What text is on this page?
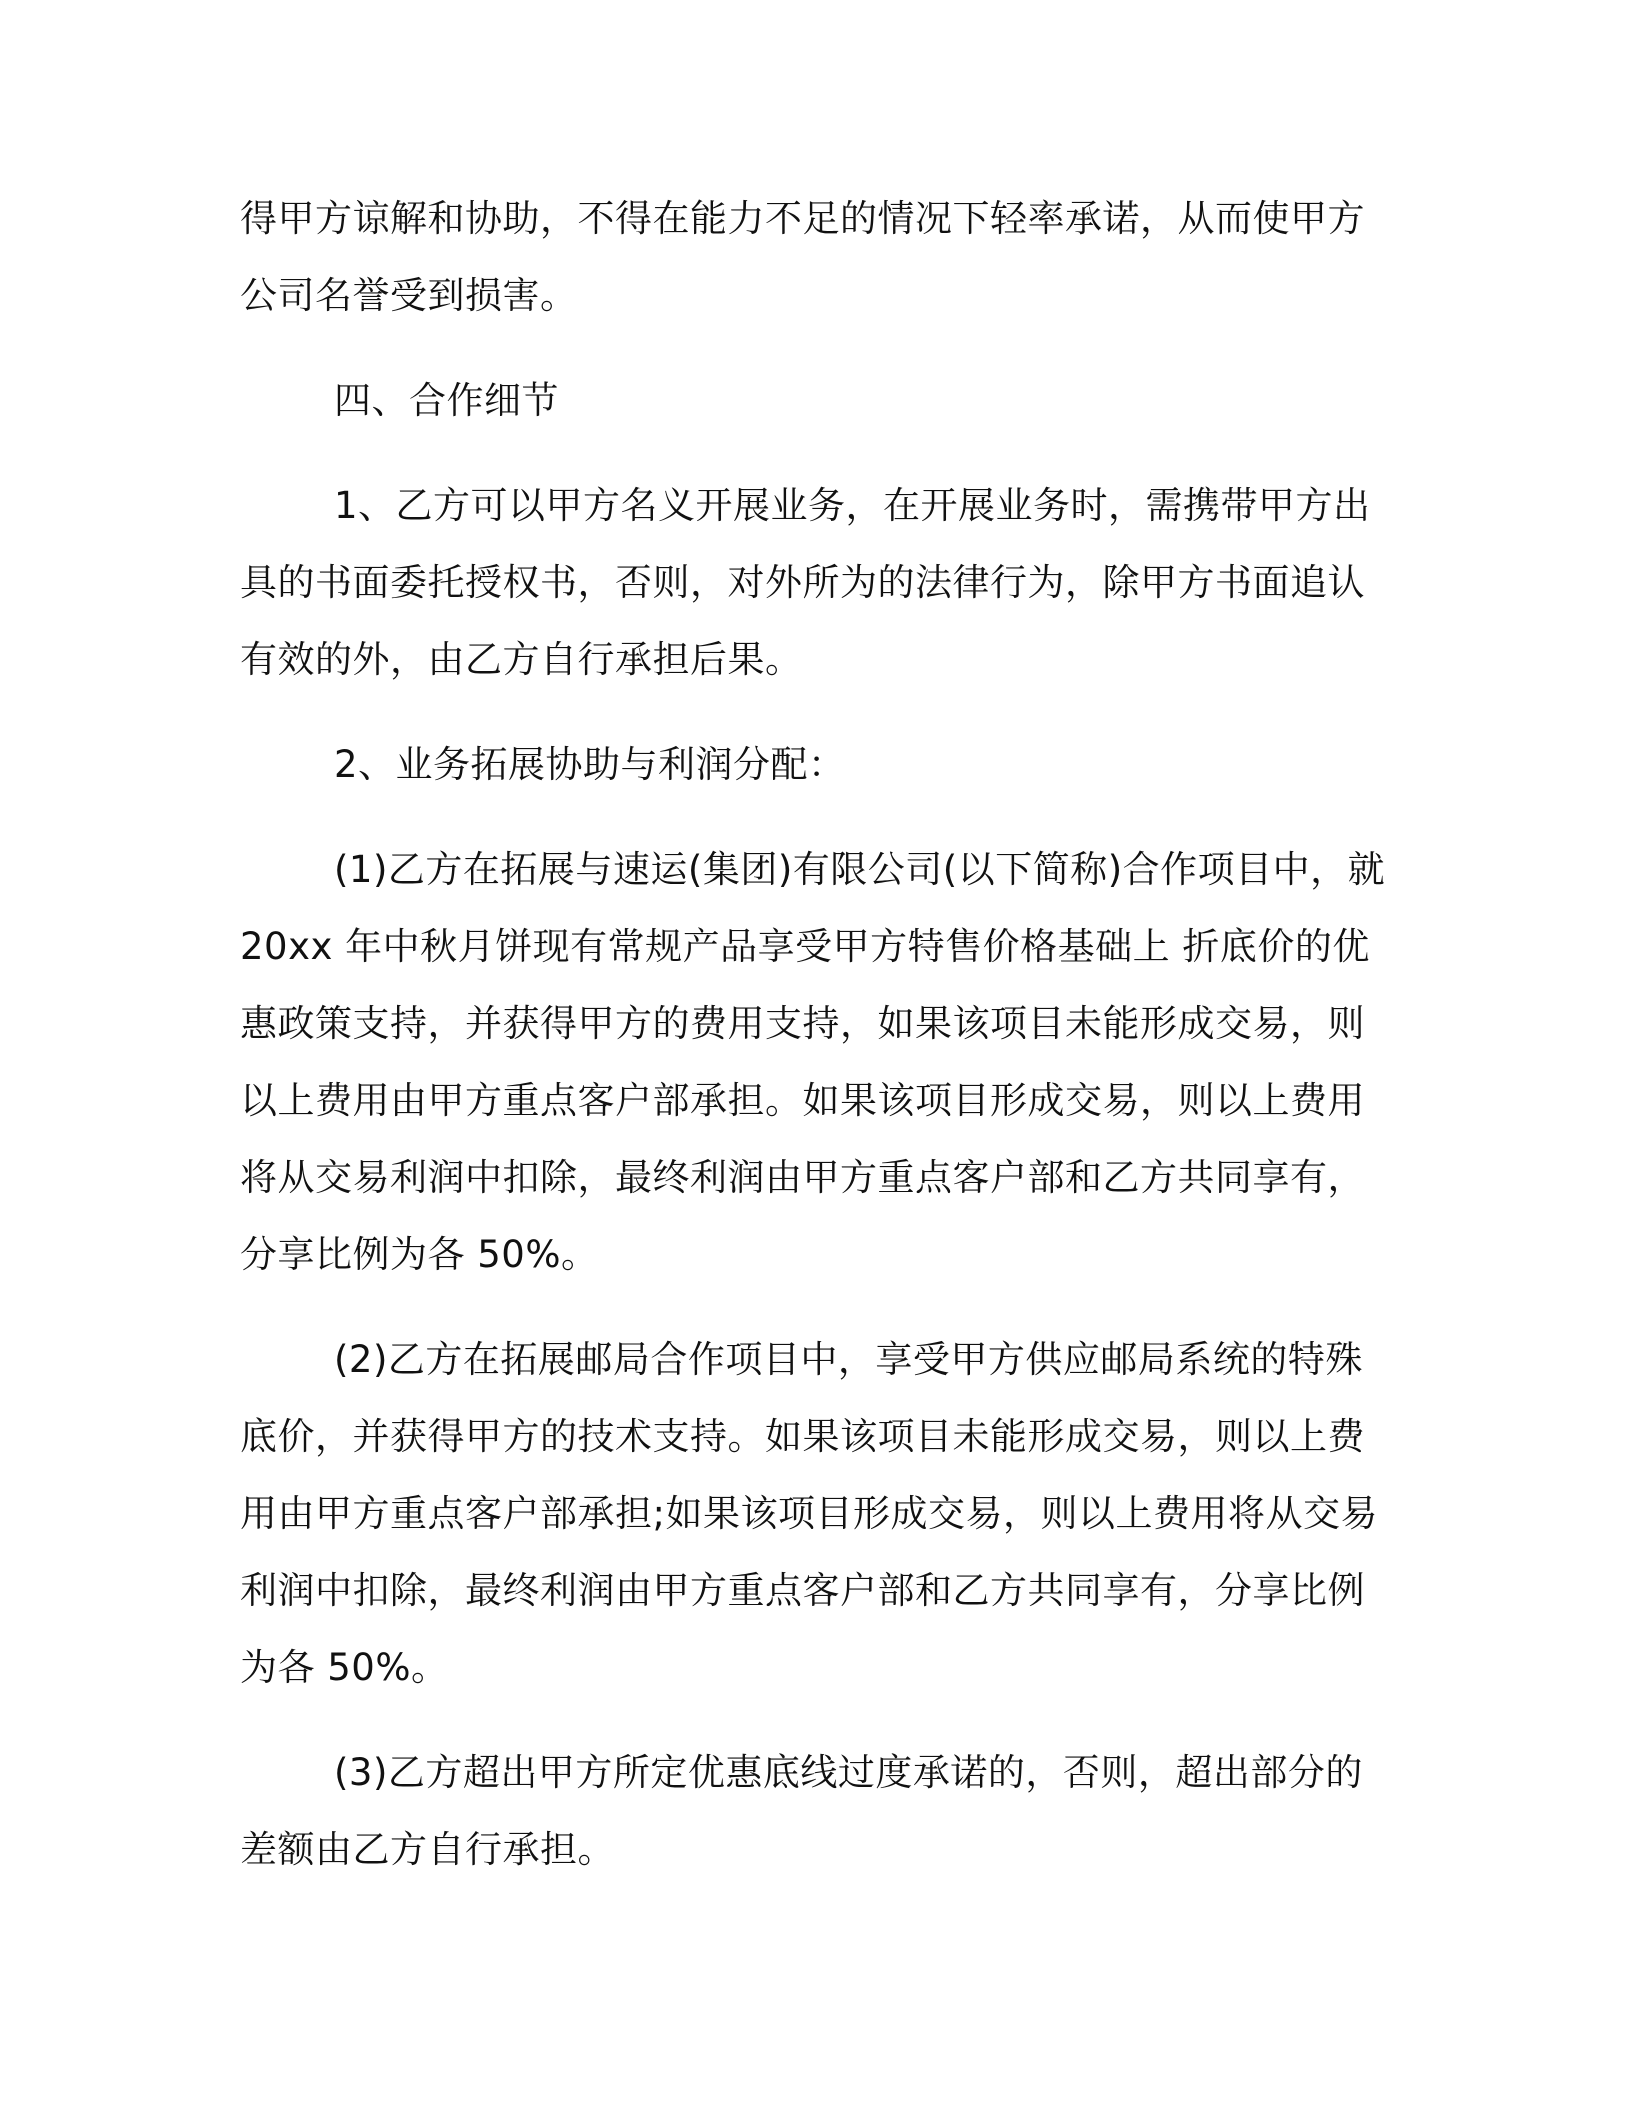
得甲方谅解和协助，不得在能力不足的情况下轻率承诺，从而使甲方公司名誉受到损害。

四、合作细节

1、乙方可以甲方名义开展业务，在开展业务时，需携带甲方出具的书面委托授权书，否则，对外所为的法律行为，除甲方书面追认有效的外，由乙方自行承担后果。

2、业务拓展协助与利润分配：

(1)乙方在拓展与速运(集团)有限公司(以下简称)合作项目中，就 20xx 年中秋月饼现有常规产品享受甲方特售价格基础上 折底价的优惠政策支持，并获得甲方的费用支持，如果该项目未能形成交易，则以上费用由甲方重点客户部承担。如果该项目形成交易，则以上费用将从交易利润中扣除，最终利润由甲方重点客户部和乙方共同享有，分享比例为各 50%。

(2)乙方在拓展邮局合作项目中，享受甲方供应邮局系统的特殊底价，并获得甲方的技术支持。如果该项目未能形成交易，则以上费用由甲方重点客户部承担;如果该项目形成交易，则以上费用将从交易利润中扣除，最终利润由甲方重点客户部和乙方共同享有，分享比例为各 50%。

(3)乙方超出甲方所定优惠底线过度承诺的，否则，超出部分的差额由乙方自行承担。
